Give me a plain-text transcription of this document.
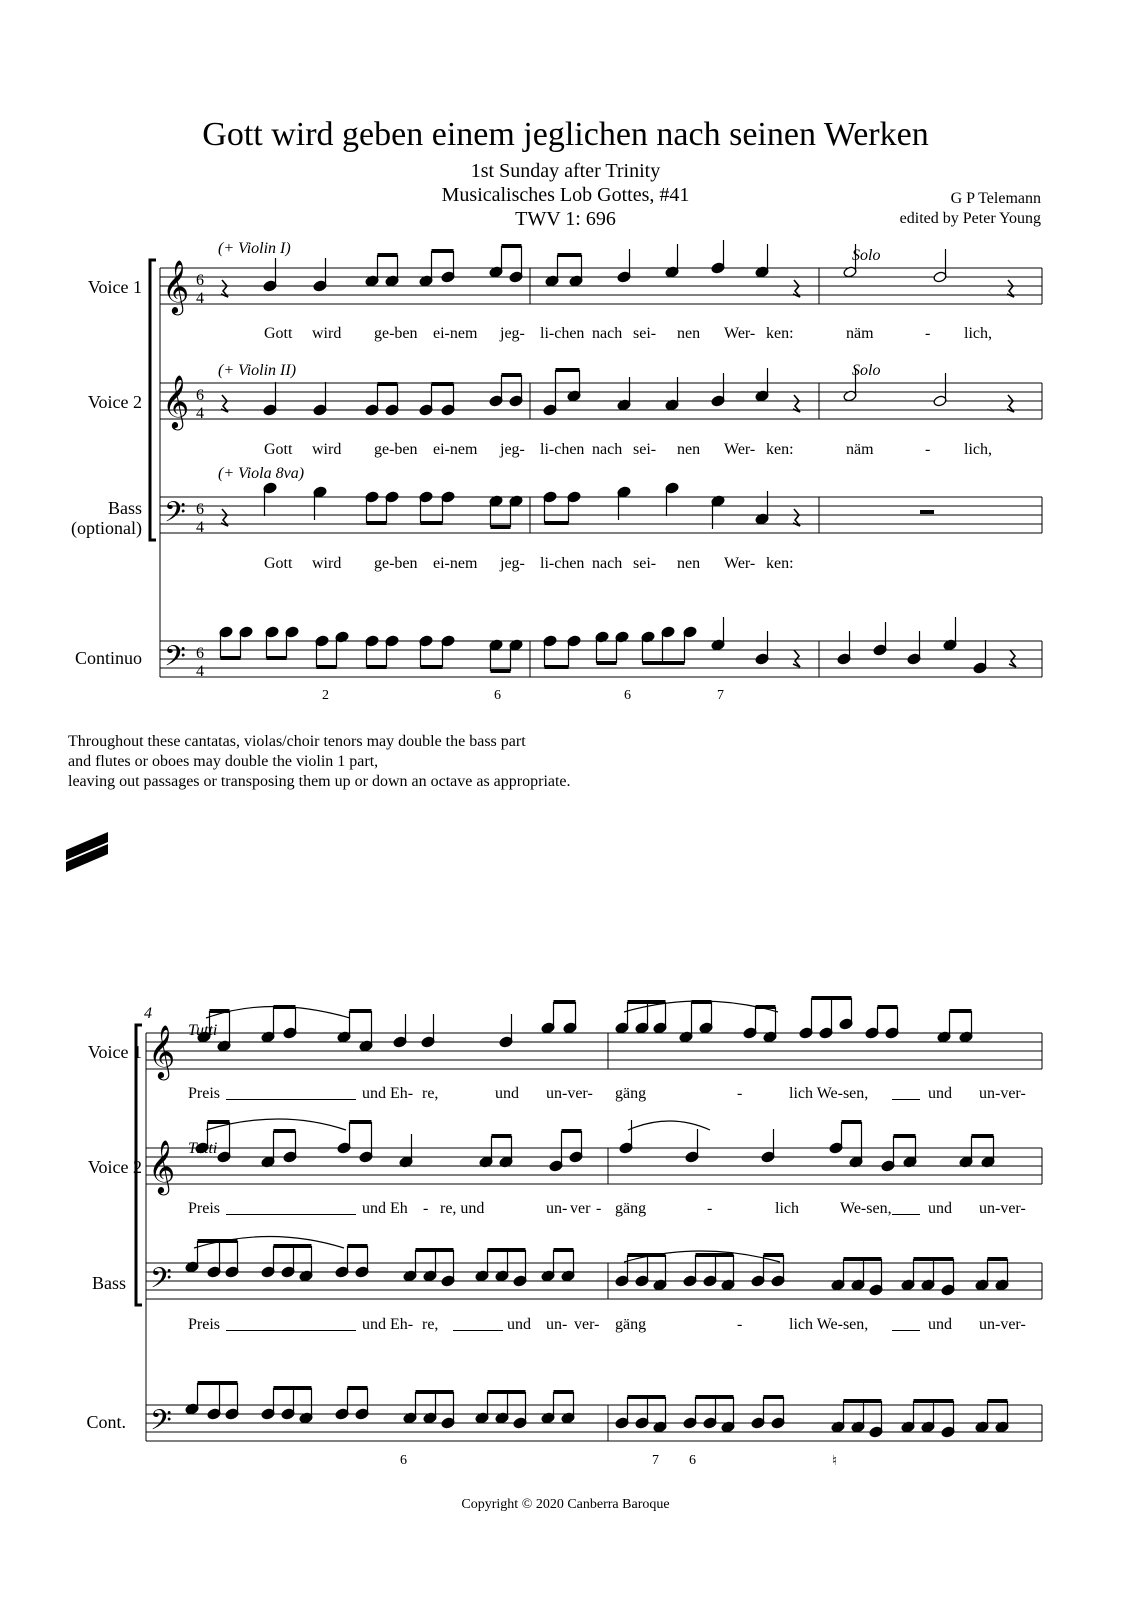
Gott wird geben einem jeglichen nach seinen Werken
1st Sunday after Trinity
Musicalisches Lob Gottes, #41
TWV 1: 696
G P Telemann
edited by Peter Young
𝄞
𝄞
𝄢
𝄢
6
4
6
4
6
4
6
4
𝄞
𝄞
𝄢
𝄢
Voice 1
Voice 2
Bass
(optional)
Continuo
(+ Violin I)	Solo
(+ Violin II)	Solo
(+ Viola 8va)
Gott wird ge-ben ei-nem jeg- li-chen nach sei- nen Wer- ken:	näm	- lich,
Gott wird ge-ben ei-nem jeg- li-chen nach sei- nen Wer- ken:	näm	- lich,
Gott wird ge-ben ei-nem jeg- li-chen nach sei- nen Wer- ken:
2	6	6	7
Throughout these cantatas, violas/choir tenors may double the bass part
and flutes or oboes may double the violin 1 part,
leaving out passages or transposing them up or down an octave as appropriate.
4
Voice 1
Voice 2
Bass
Cont.
Tutti
Tutti
Preis	und Eh- re,	und un-ver- gäng	-	lich We-sen,	und un-ver-
Preis	und Eh - re, und	un- ver - gäng	-	lich	We-sen, und un-ver-
Preis	und Eh- re,	und un- ver- gäng	-	lich We-sen,	und un-ver-
6	7 6	♮
Copyright © 2020 Canberra Baroque
